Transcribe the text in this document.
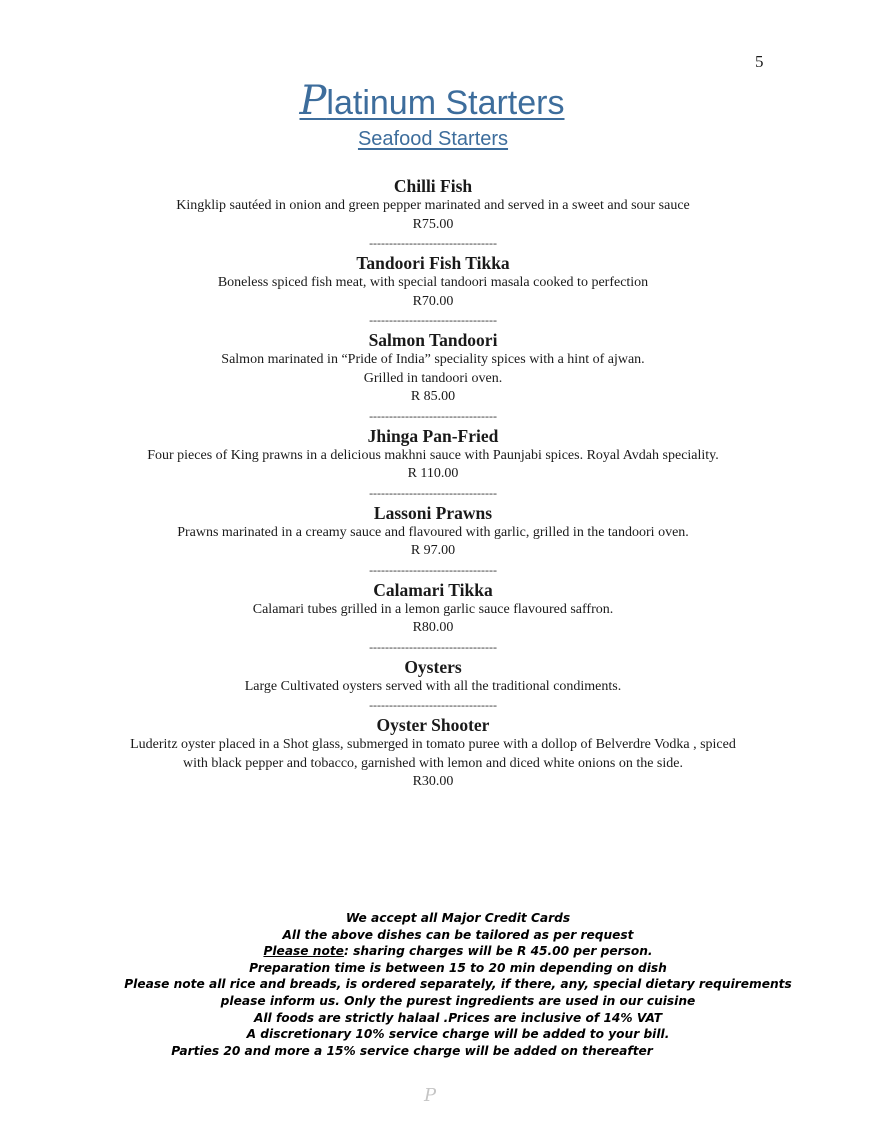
5
Platinum Starters
Seafood Starters
Chilli Fish
Kingklip sautéed in onion and green pepper marinated and served in a sweet and sour sauce
R75.00
--------------------------------
Tandoori Fish Tikka
Boneless spiced fish meat, with special tandoori masala cooked to perfection
R70.00
--------------------------------
Salmon Tandoori
Salmon marinated in “Pride of India” speciality spices with a hint of ajwan.
Grilled in tandoori oven.
R 85.00
--------------------------------
Jhinga Pan-Fried
Four pieces of King prawns in a delicious makhni sauce with Paunjabi spices. Royal Avdah speciality.
R 110.00
--------------------------------
Lassoni Prawns
Prawns marinated in a creamy sauce and flavoured with garlic, grilled in the tandoori oven.
R 97.00
--------------------------------
Calamari Tikka
Calamari tubes grilled in a lemon garlic sauce flavoured saffron.
R80.00
--------------------------------
Oysters
Large Cultivated oysters served with all the traditional condiments.
--------------------------------
Oyster Shooter
Luderitz oyster placed in a Shot glass, submerged in tomato puree with a dollop of Belverdre Vodka , spiced
with black pepper and tobacco, garnished with lemon and diced white onions on the side.
R30.00
We accept all Major Credit Cards
All the above dishes can be tailored as per request
Please note: sharing charges will be R 45.00 per person.
Preparation time is between 15 to 20 min depending on dish
Please note all rice and breads, is ordered separately, if there, any, special dietary requirements
please inform us. Only the purest ingredients are used in our cuisine
All foods are strictly halaal .Prices are inclusive of 14% VAT
A discretionary 10% service charge will be added to your bill.
Parties 20 and more a 15% service charge will be added on thereafter
P
